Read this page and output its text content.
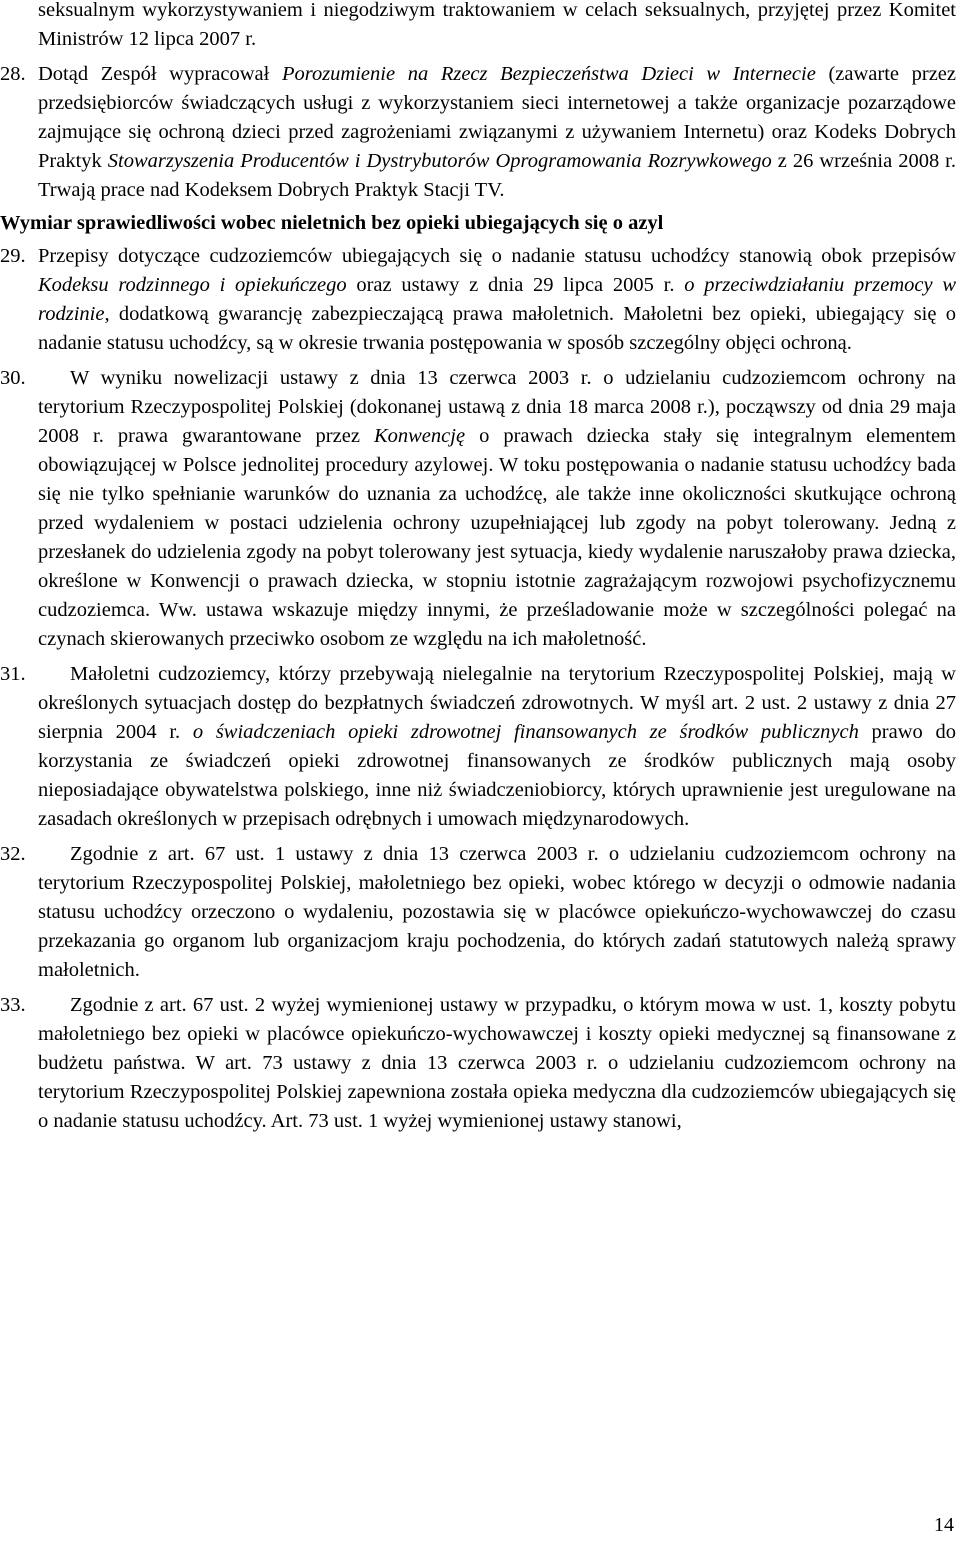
seksualnym wykorzystywaniem i niegodziwym traktowaniem w celach seksualnych, przyjętej przez Komitet Ministrów 12 lipca 2007 r.

28. Dotąd Zespół wypracował Porozumienie na Rzecz Bezpieczeństwa Dzieci w Internecie (zawarte przez przedsiębiorców świadczących usługi z wykorzystaniem sieci internetowej a także organizacje pozarządowe zajmujące się ochroną dzieci przed zagrożeniami związanymi z używaniem Internetu) oraz Kodeks Dobrych Praktyk Stowarzyszenia Producentów i Dystrybutorów Oprogramowania Rozrywkowego z 26 września 2008 r. Trwają prace nad Kodeksem Dobrych Praktyk Stacji TV.

Wymiar sprawiedliwości wobec nieletnich bez opieki ubiegających się o azyl

29. Przepisy dotyczące cudzoziemców ubiegających się o nadanie statusu uchodźcy stanowią obok przepisów Kodeksu rodzinnego i opiekuńczego oraz ustawy z dnia 29 lipca 2005 r. o przeciwdziałaniu przemocy w rodzinie, dodatkową gwarancję zabezpieczającą prawa małoletnich. Małoletni bez opieki, ubiegający się o nadanie statusu uchodźcy, są w okresie trwania postępowania w sposób szczególny objęci ochroną.

30. W wyniku nowelizacji ustawy z dnia 13 czerwca 2003 r. o udzielaniu cudzoziemcom ochrony na terytorium Rzeczypospolitej Polskiej (dokonanej ustawą z dnia 18 marca 2008 r.), począwszy od dnia 29 maja 2008 r. prawa gwarantowane przez Konwencję o prawach dziecka stały się integralnym elementem obowiązującej w Polsce jednolitej procedury azylowej. W toku postępowania o nadanie statusu uchodźcy bada się nie tylko spełnianie warunków do uznania za uchodźcę, ale także inne okoliczności skutkujące ochroną przed wydaleniem w postaci udzielenia ochrony uzupełniającej lub zgody na pobyt tolerowany. Jedną z przesłanek do udzielenia zgody na pobyt tolerowany jest sytuacja, kiedy wydalenie naruszałoby prawa dziecka, określone w Konwencji o prawach dziecka, w stopniu istotnie zagrażającym rozwojowi psychofizycznemu cudzoziemca. Ww. ustawa wskazuje między innymi, że prześladowanie może w szczególności polegać na czynach skierowanych przeciwko osobom ze względu na ich małoletność.

31. Małoletni cudzoziemcy, którzy przebywają nielegalnie na terytorium Rzeczypospolitej Polskiej, mają w określonych sytuacjach dostęp do bezpłatnych świadczeń zdrowotnych. W myśl art. 2 ust. 2 ustawy z dnia 27 sierpnia 2004 r. o świadczeniach opieki zdrowotnej finansowanych ze środków publicznych prawo do korzystania ze świadczeń opieki zdrowotnej finansowanych ze środków publicznych mają osoby nieposiadające obywatelstwa polskiego, inne niż świadczeniobiorcy, których uprawnienie jest uregulowane na zasadach określonych w przepisach odrębnych i umowach międzynarodowych.

32. Zgodnie z art. 67 ust. 1 ustawy z dnia 13 czerwca 2003 r. o udzielaniu cudzoziemcom ochrony na terytorium Rzeczypospolitej Polskiej, małoletniego bez opieki, wobec którego w decyzji o odmowie nadania statusu uchodźcy orzeczono o wydaleniu, pozostawia się w placówce opiekuńczo-wychowawczej do czasu przekazania go organom lub organizacjom kraju pochodzenia, do których zadań statutowych należą sprawy małoletnich.

33. Zgodnie z art. 67 ust. 2 wyżej wymienionej ustawy w przypadku, o którym mowa w ust. 1, koszty pobytu małoletniego bez opieki w placówce opiekuńczo-wychowawczej i koszty opieki medycznej są finansowane z budżetu państwa. W art. 73 ustawy z dnia 13 czerwca 2003 r. o udzielaniu cudzoziemcom ochrony na terytorium Rzeczypospolitej Polskiej zapewniona została opieka medyczna dla cudzoziemców ubiegających się o nadanie statusu uchodźcy. Art. 73 ust. 1 wyżej wymienionej ustawy stanowi,

14
